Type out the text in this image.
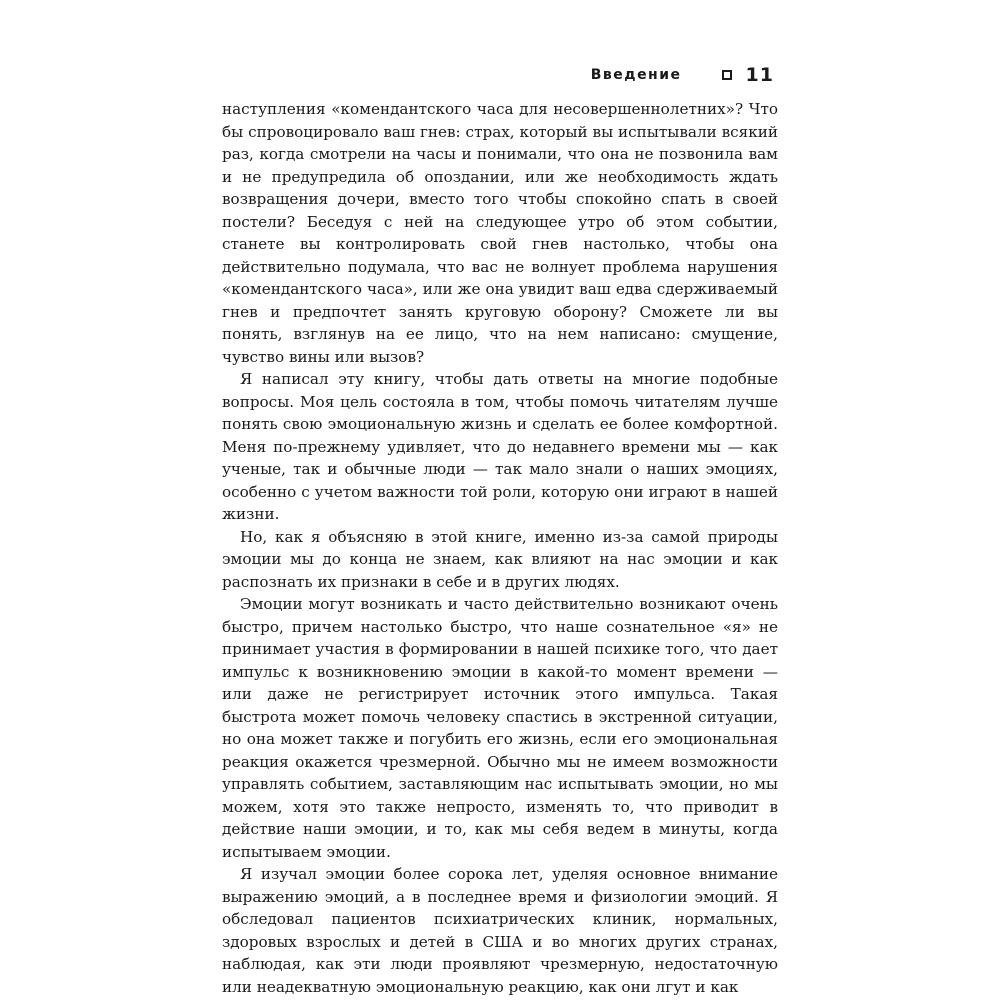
Введение	11

наступления «комендантского часа для несовершеннолетних»? Что бы спровоцировало ваш гнев: страх, который вы испытывали всякий раз, когда смотрели на часы и понимали, что она не позвонила вам и не предупредила об опоздании, или же необходимость ждать возвращения дочери, вместо того чтобы спокойно спать в своей постели? Беседуя с ней на следующее утро об этом событии, станете вы контролировать свой гнев настолько, чтобы она действительно подумала, что вас не волнует проблема нарушения «комендантского часа», или же она увидит ваш едва сдерживаемый гнев и предпочтет занять круговую оборону? Сможете ли вы понять, взглянув на ее лицо, что на нем написано: смущение, чувство вины или вызов?

Я написал эту книгу, чтобы дать ответы на многие подобные вопросы. Моя цель состояла в том, чтобы помочь читателям лучше понять свою эмоциональную жизнь и сделать ее более комфортной. Меня по-прежнему удивляет, что до недавнего времени мы — как ученые, так и обычные люди — так мало знали о наших эмоциях, особенно с учетом важности той роли, которую они играют в нашей жизни.

Но, как я объясняю в этой книге, именно из-за самой природы эмоции мы до конца не знаем, как влияют на нас эмоции и как распознать их признаки в себе и в других людях.

Эмоции могут возникать и часто действительно возникают очень быстро, причем настолько быстро, что наше сознательное «я» не принимает участия в формировании в нашей психике того, что дает импульс к возникновению эмоции в какой-то момент времени — или даже не регистрирует источник этого импульса. Такая быстрота может помочь человеку спастись в экстренной ситуации, но она может также и погубить его жизнь, если его эмоциональная реакция окажется чрезмерной. Обычно мы не имеем возможности управлять событием, заставляющим нас испытывать эмоции, но мы можем, хотя это также непросто, изменять то, что приводит в действие наши эмоции, и то, как мы себя ведем в минуты, когда испытываем эмоции.

Я изучал эмоции более сорока лет, уделяя основное внимание выражению эмоций, а в последнее время и физиологии эмоций. Я обследовал пациентов психиатрических клиник, нормальных, здоровых взрослых и детей в США и во многих других странах, наблюдая, как эти люди проявляют чрезмерную, недостаточную или неадекватную эмоциональную реакцию, как они лгут и как
